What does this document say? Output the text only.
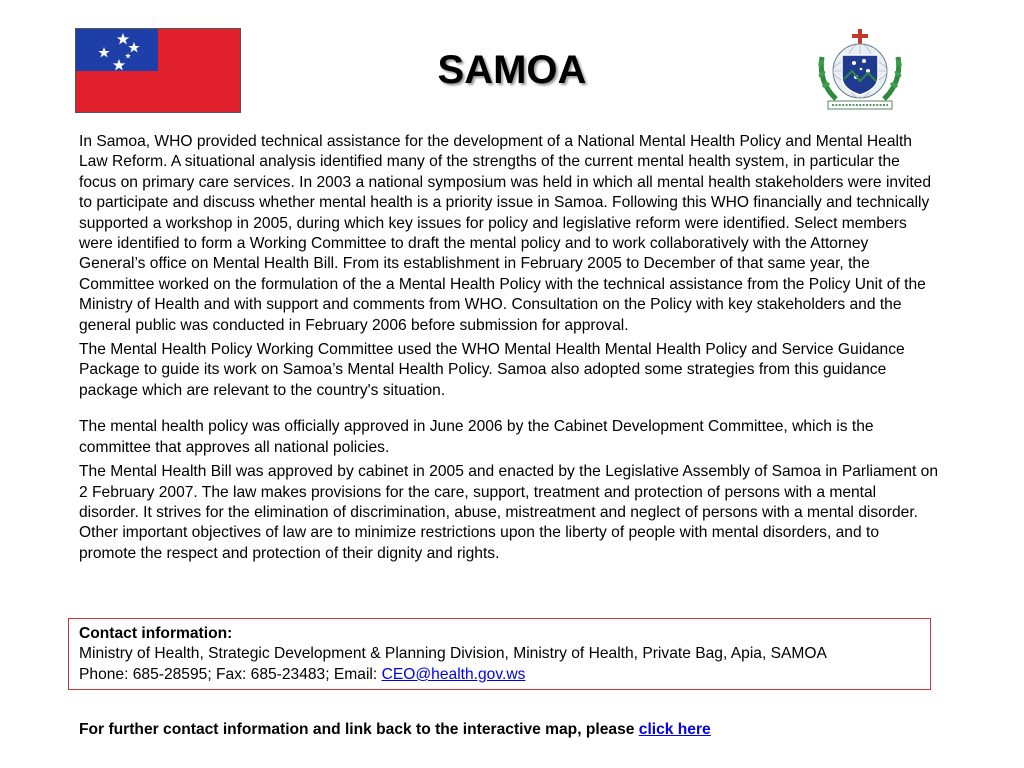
SAMOA

In Samoa, WHO provided technical assistance for the development of a National Mental Health Policy and Mental Health Law Reform. A situational analysis identified many of the strengths of the current mental health system, in particular the focus on primary care services. In 2003 a national symposium was held in which all mental health stakeholders were invited to participate and discuss whether mental health is a priority issue in Samoa. Following this WHO financially and technically supported a workshop in 2005, during which key issues for policy and legislative reform were identified. Select members were identified to form a Working Committee to draft the mental policy and to work collaboratively with the Attorney General’s office on Mental Health Bill. From its establishment in February 2005 to December of that same year, the Committee worked on the formulation of the a Mental Health Policy with the technical assistance from the Policy Unit of the Ministry of Health and with support and comments from WHO. Consultation on the Policy with key stakeholders and the general public was conducted in February 2006 before submission for approval.

The Mental Health Policy Working Committee used the WHO Mental Health Mental Health Policy and Service Guidance Package to guide its work on Samoa’s Mental Health Policy. Samoa also adopted some strategies from this guidance package which are relevant to the country's situation.

The mental health policy was officially approved in June 2006 by the Cabinet Development Committee, which is the committee that approves all national policies.

The Mental Health Bill was approved by cabinet in 2005 and enacted by the Legislative Assembly of Samoa in Parliament on 2 February 2007. The law makes provisions for the care, support, treatment and protection of persons with a mental disorder. It strives for the elimination of discrimination, abuse, mistreatment and neglect of persons with a mental disorder. Other important objectives of law are to minimize restrictions upon the liberty of people with mental disorders, and to promote the respect and protection of their dignity and rights.

Contact information:
Ministry of Health, Strategic Development & Planning Division, Ministry of Health, Private Bag, Apia, SAMOA
Phone: 685-28595; Fax: 685-23483; Email: CEO@health.gov.ws
For further contact information and link back to the interactive map, please click here
